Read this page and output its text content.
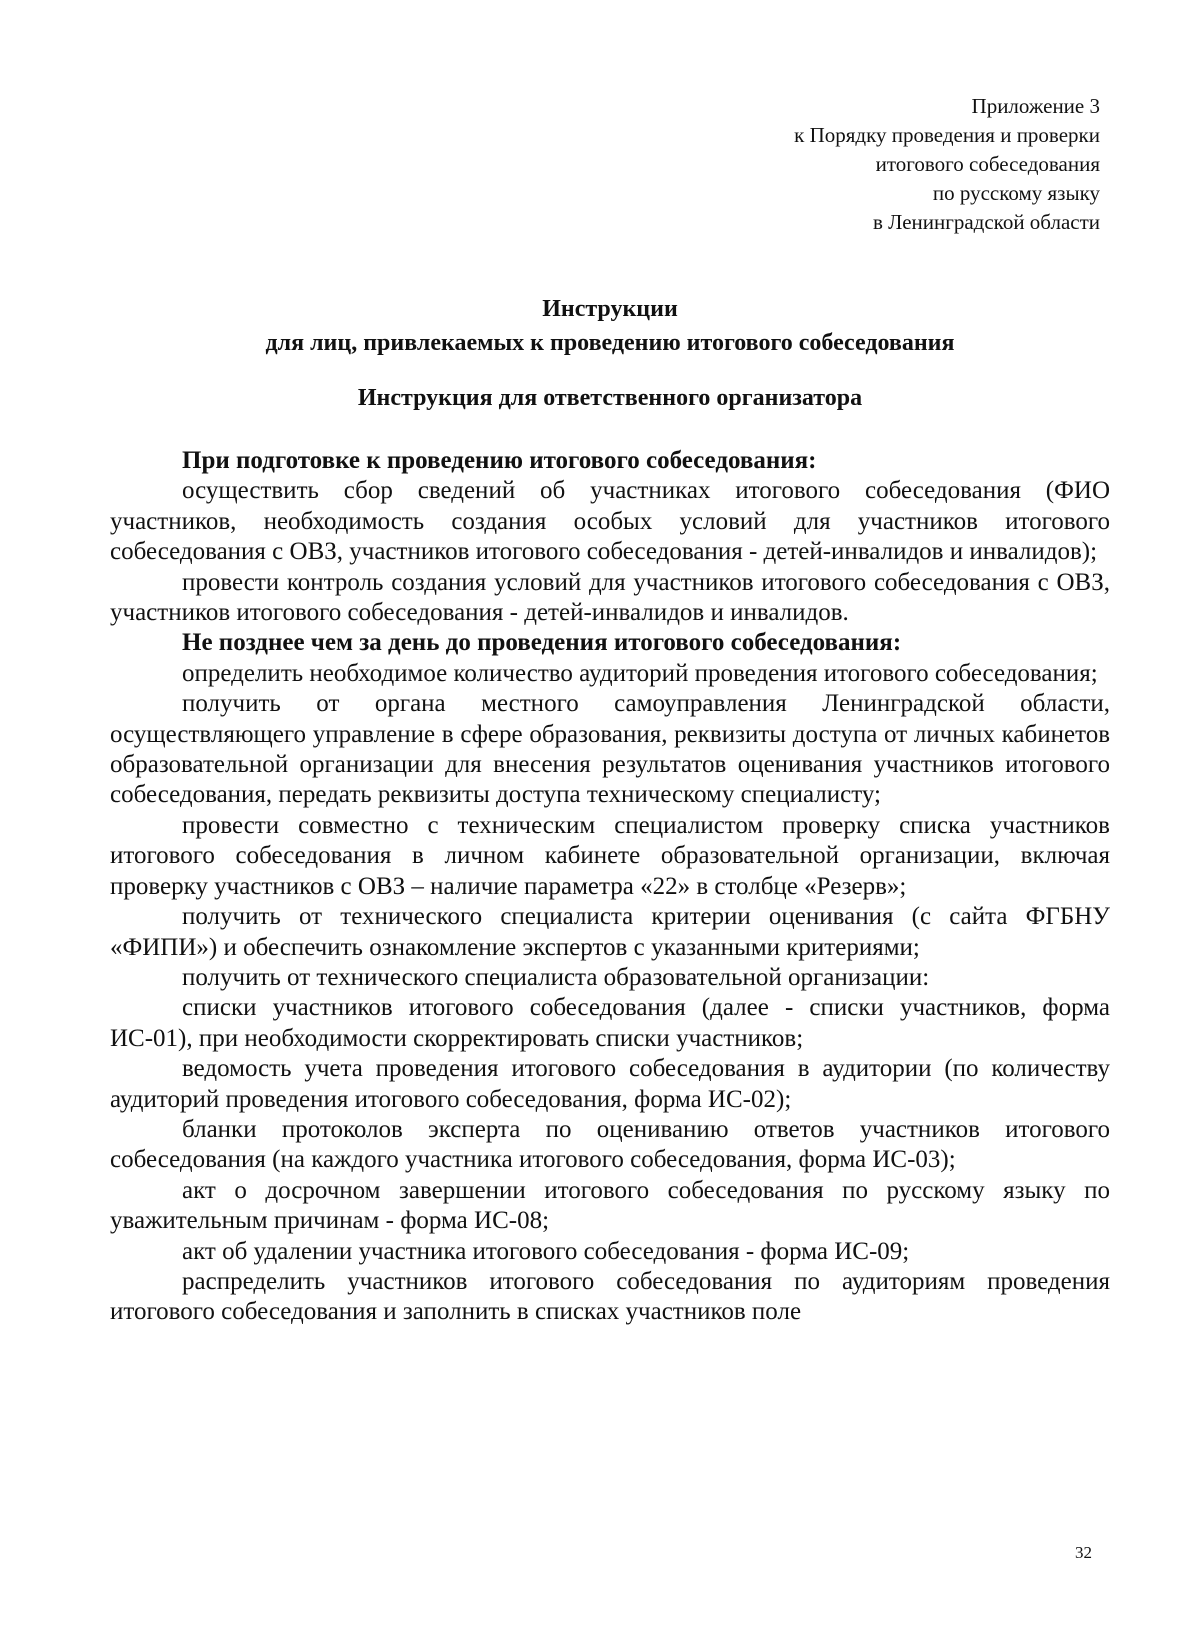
Приложение 3
к Порядку проведения и проверки
итогового собеседования
по русскому языку
в Ленинградской области
Инструкции
для лиц, привлекаемых к проведению итогового собеседования
Инструкция для ответственного организатора

При подготовке к проведению итогового собеседования:

осуществить сбор сведений об участниках итогового собеседования (ФИО участников, необходимость создания особых условий для участников итогового собеседования с ОВЗ, участников итогового собеседования - детей-инвалидов и инвалидов);

провести контроль создания условий для участников итогового собеседования с ОВЗ, участников итогового собеседования - детей-инвалидов и инвалидов.

Не позднее чем за день до проведения итогового собеседования:

определить необходимое количество аудиторий проведения итогового собеседования;

получить от органа местного самоуправления Ленинградской области, осуществляющего управление в сфере образования, реквизиты доступа от личных кабинетов образовательной организации для внесения результатов оценивания участников итогового собеседования, передать реквизиты доступа техническому специалисту;

провести совместно с техническим специалистом проверку списка участников итогового собеседования в личном кабинете образовательной организации, включая проверку участников с ОВЗ – наличие параметра «22» в столбце «Резерв»;

получить от технического специалиста критерии оценивания (с сайта ФГБНУ «ФИПИ») и обеспечить ознакомление экспертов с указанными критериями;

получить от технического специалиста образовательной организации:

списки участников итогового собеседования (далее - списки участников, форма ИС-01), при необходимости скорректировать списки участников;

ведомость учета проведения итогового собеседования в аудитории (по количеству аудиторий проведения итогового собеседования, форма ИС-02);

бланки протоколов эксперта по оцениванию ответов участников итогового собеседования (на каждого участника итогового собеседования, форма ИС-03);

акт о досрочном завершении итогового собеседования по русскому языку по уважительным причинам - форма ИС-08;

акт об удалении участника итогового собеседования - форма ИС-09;

распределить участников итогового собеседования по аудиториям проведения итогового собеседования и заполнить в списках участников поле

32
